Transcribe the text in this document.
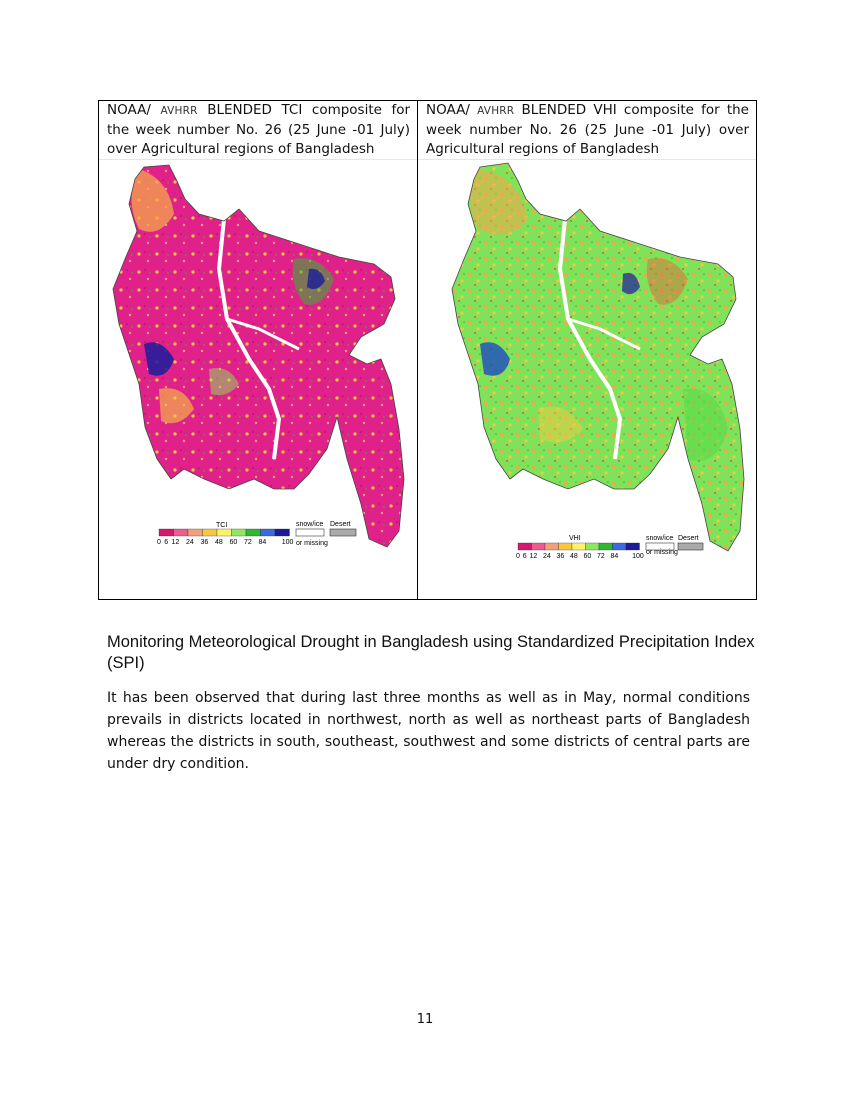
NOAA/ AVHRR BLENDED TCI composite for the week number No. 26 (25 June -01 July) over Agricultural regions of Bangladesh
TCI
0 6 12 24 36 48 60 72 84 100
snow/ice
or missing
Desert
NOAA/ AVHRR BLENDED VHI composite for the week number No. 26 (25 June -01 July) over Agricultural regions of Bangladesh
VHI
0 6 12 24 36 48 60 72 84 100
snow/ice
or missing
Desert
Monitoring Meteorological Drought in Bangladesh using Standardized Precipitation Index (SPI)
It has been observed that during last three months as well as in May, normal conditions prevails in districts located in northwest, north as well as northeast parts of Bangladesh whereas the districts in south, southeast, southwest and some districts of central parts are under dry condition.
11
